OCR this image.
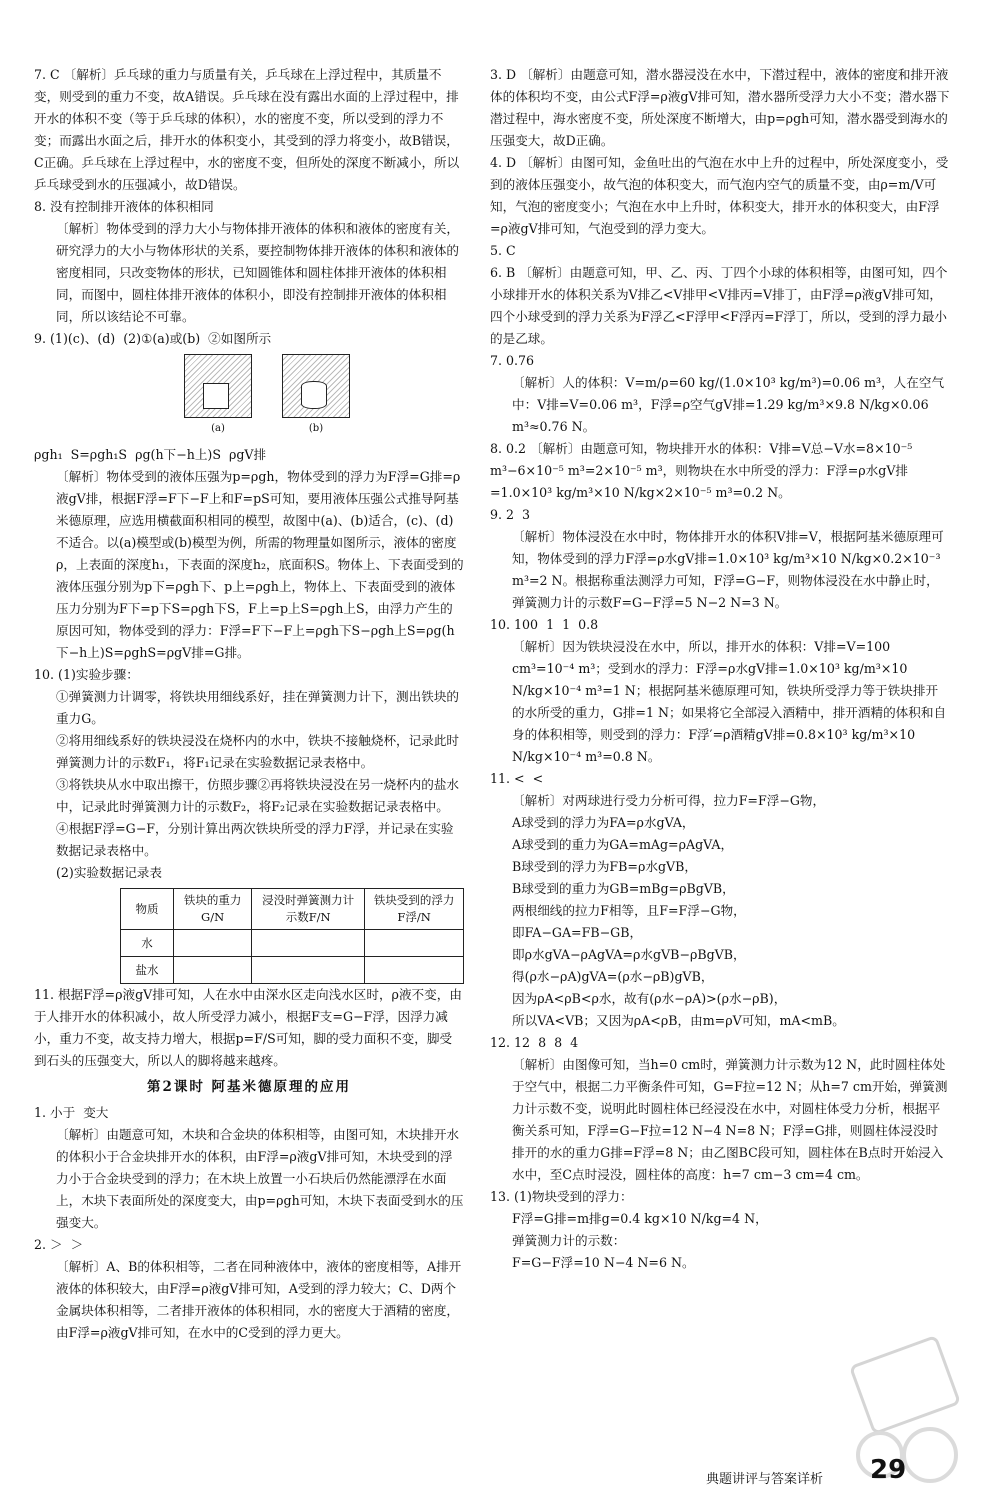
7. C 〔解析〕乒乓球的重力与质量有关，乒乓球在上浮过程中，其质量不变，则受到的重力不变，故A错误。乒乓球在没有露出水面的上浮过程中，排开水的体积不变（等于乒乓球的体积），水的密度不变，所以受到的浮力不变；而露出水面之后，排开水的体积变小，其受到的浮力将变小，故B错误，C正确。乒乓球在上浮过程中，水的密度不变，但所处的深度不断减小，所以乒乓球受到水的压强减小，故D错误。

8. 没有控制排开液体的体积相同

〔解析〕物体受到的浮力大小与物体排开液体的体积和液体的密度有关，研究浮力的大小与物体形状的关系，要控制物体排开液体的体积和液体的密度相同，只改变物体的形状，已知圆锥体和圆柱体排开液体的体积相同，而图中，圆柱体排开液体的体积小，即没有控制排开液体的体积相同，所以该结论不可靠。

9. (1)(c)、(d)  (2)①(a)或(b)  ②如图所示

(a)	(b)

ρgh₁  S=ρgh₁S  ρg(h下−h上)S  ρgV排

〔解析〕物体受到的液体压强为p=ρgh，物体受到的浮力为F浮=G排=ρ液gV排，根据F浮=F下−F上和F=pS可知，要用液体压强公式推导阿基米德原理，应选用横截面积相同的模型，故图中(a)、(b)适合，(c)、(d)不适合。以(a)模型或(b)模型为例，所需的物理量如图所示，液体的密度ρ，上表面的深度h₁，下表面的深度h₂，底面积S。物体上、下表面受到的液体压强分别为p下=ρgh下、p上=ρgh上，物体上、下表面受到的液体压力分别为F下=p下S=ρgh下S，F上=p上S=ρgh上S，由浮力产生的原因可知，物体受到的浮力：F浮=F下−F上=ρgh下S−ρgh上S=ρg(h下−h上)S=ρghS=ρgV排=G排。

10. (1)实验步骤：

①弹簧测力计调零，将铁块用细线系好，挂在弹簧测力计下，测出铁块的重力G。

②将用细线系好的铁块浸没在烧杯内的水中，铁块不接触烧杯，记录此时弹簧测力计的示数F₁，将F₁记录在实验数据记录表格中。

③将铁块从水中取出擦干，仿照步骤②再将铁块浸没在另一烧杯内的盐水中，记录此时弹簧测力计的示数F₂，将F₂记录在实验数据记录表格中。

④根据F浮=G−F，分别计算出两次铁块所受的浮力F浮，并记录在实验数据记录表格中。

(2)实验数据记录表

物质	铁块的重力G/N	浸没时弹簧测力计示数F/N	铁块受到的浮力F浮/N
水			
盐水			

11. 根据F浮=ρ液gV排可知，人在水中由深水区走向浅水区时，ρ液不变，由于人排开水的体积减小，故人所受浮力减小，根据F支=G−F浮，因浮力减小，重力不变，故支持力增大，根据p=F/S可知，脚的受力面积不变，脚受到石头的压强变大，所以人的脚将越来越疼。

第2课时 阿基米德原理的应用

1. 小于  变大

〔解析〕由题意可知，木块和合金块的体积相等，由图可知，木块排开水的体积小于合金块排开水的体积，由F浮=ρ液gV排可知，木块受到的浮力小于合金块受到的浮力；在木块上放置一小石块后仍然能漂浮在水面上，木块下表面所处的深度变大，由p=ρgh可知，木块下表面受到水的压强变大。

2. ＞  ＞

〔解析〕A、B的体积相等，二者在同种液体中，液体的密度相等，A排开液体的体积较大，由F浮=ρ液gV排可知，A受到的浮力较大；C、D两个金属块体积相等，二者排开液体的体积相同，水的密度大于酒精的密度，由F浮=ρ液gV排可知，在水中的C受到的浮力更大。

3. D 〔解析〕由题意可知，潜水器浸没在水中，下潜过程中，液体的密度和排开液体的体积均不变，由公式F浮=ρ液gV排可知，潜水器所受浮力大小不变；潜水器下潜过程中，海水密度不变，所处深度不断增大，由p=ρgh可知，潜水器受到海水的压强变大，故D正确。

4. D 〔解析〕由图可知，金鱼吐出的气泡在水中上升的过程中，所处深度变小，受到的液体压强变小，故气泡的体积变大，而气泡内空气的质量不变，由ρ=m/V可知，气泡的密度变小；气泡在水中上升时，体积变大，排开水的体积变大，由F浮=ρ液gV排可知，气泡受到的浮力变大。

5. C

6. B 〔解析〕由题意可知，甲、乙、丙、丁四个小球的体积相等，由图可知，四个小球排开水的体积关系为V排乙<V排甲<V排丙=V排丁，由F浮=ρ液gV排可知，四个小球受到的浮力关系为F浮乙<F浮甲<F浮丙=F浮丁，所以，受到的浮力最小的是乙球。

7. 0.76

〔解析〕人的体积：V=m/ρ=60 kg/(1.0×10³ kg/m³)=0.06 m³，人在空气中：V排=V=0.06 m³，F浮=ρ空气gV排=1.29 kg/m³×9.8 N/kg×0.06 m³≈0.76 N。

8. 0.2 〔解析〕由题意可知，物块排开水的体积：V排=V总−V水=8×10⁻⁵ m³−6×10⁻⁵ m³=2×10⁻⁵ m³，则物块在水中所受的浮力：F浮=ρ水gV排=1.0×10³ kg/m³×10 N/kg×2×10⁻⁵ m³=0.2 N。

9. 2  3

〔解析〕物体浸没在水中时，物体排开水的体积V排=V，根据阿基米德原理可知，物体受到的浮力F浮=ρ水gV排=1.0×10³ kg/m³×10 N/kg×0.2×10⁻³ m³=2 N。根据称重法测浮力可知，F浮=G−F，则物体浸没在水中静止时，弹簧测力计的示数F=G−F浮=5 N−2 N=3 N。

10. 100  1  1  0.8

〔解析〕因为铁块浸没在水中，所以，排开水的体积：V排=V=100 cm³=10⁻⁴ m³；受到水的浮力：F浮=ρ水gV排=1.0×10³ kg/m³×10 N/kg×10⁻⁴ m³=1 N；根据阿基米德原理可知，铁块所受浮力等于铁块排开的水所受的重力，G排=1 N；如果将它全部浸入酒精中，排开酒精的体积和自身的体积相等，则受到的浮力：F浮′=ρ酒精gV排=0.8×10³ kg/m³×10 N/kg×10⁻⁴ m³=0.8 N。

11. <  <

〔解析〕对两球进行受力分析可得，拉力F=F浮−G物，

A球受到的浮力为FA=ρ水gVA，

A球受到的重力为GA=mAg=ρAgVA，

B球受到的浮力为FB=ρ水gVB，

B球受到的重力为GB=mBg=ρBgVB，

两根细线的拉力F相等，且F=F浮−G物，

即FA−GA=FB−GB，

即ρ水gVA−ρAgVA=ρ水gVB−ρBgVB，

得(ρ水−ρA)gVA=(ρ水−ρB)gVB，

因为ρA<ρB<ρ水，故有(ρ水−ρA)>(ρ水−ρB)，

所以VA<VB；又因为ρA<ρB，由m=ρV可知，mA<mB。

12. 12  8  8  4

〔解析〕由图像可知，当h=0 cm时，弹簧测力计示数为12 N，此时圆柱体处于空气中，根据二力平衡条件可知，G=F拉=12 N；从h=7 cm开始，弹簧测力计示数不变，说明此时圆柱体已经浸没在水中，对圆柱体受力分析，根据平衡关系可知，F浮=G−F拉=12 N−4 N=8 N；F浮=G排，则圆柱体浸没时排开的水的重力G排=F浮=8 N；由乙图BC段可知，圆柱体在B点时开始浸入水中，至C点时浸没，圆柱体的高度：h=7 cm−3 cm=4 cm。

13. (1)物块受到的浮力：

F浮=G排=m排g=0.4 kg×10 N/kg=4 N，

弹簧测力计的示数：

F=G−F浮=10 N−4 N=6 N。

典题讲评与答案详析 29
